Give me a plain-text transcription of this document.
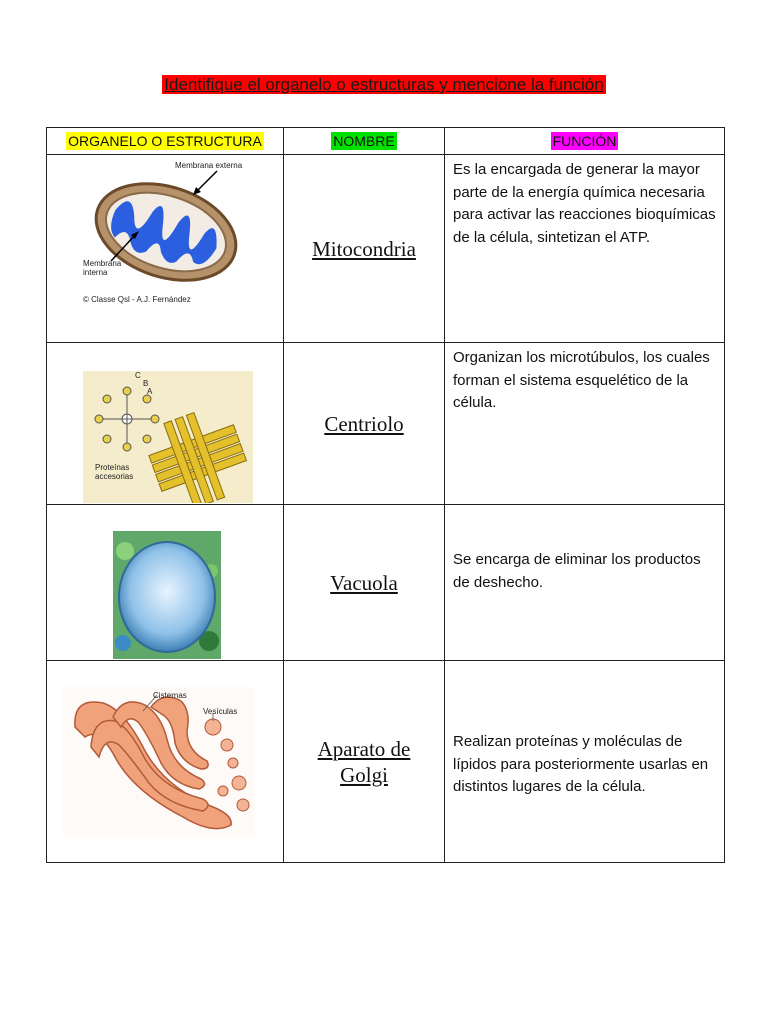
Identifique el organelo o estructuras y mencione la función
ORGANELO O ESTRUCTURA	NOMBRE	FUNCIÓN

Membrana externa
Membrana interna
© Classe Qsl - A.J. Fernández	Mitocondria	Es la encargada de generar la mayor parte de la energía química necesaria para activar las reacciones bioquímicas de la célula, sintetizan el ATP.

C
B
A
Proteínas accesorias	Centriolo	Organizan los microtúbulos, los cuales forman el sistema esquelético de la célula.

	Vacuola	Se encarga de eliminar los productos de deshecho.

Cisternas
Vesículas	Aparato de Golgi	Realizan proteínas y moléculas de lípidos para posteriormente usarlas en distintos lugares de la célula.
